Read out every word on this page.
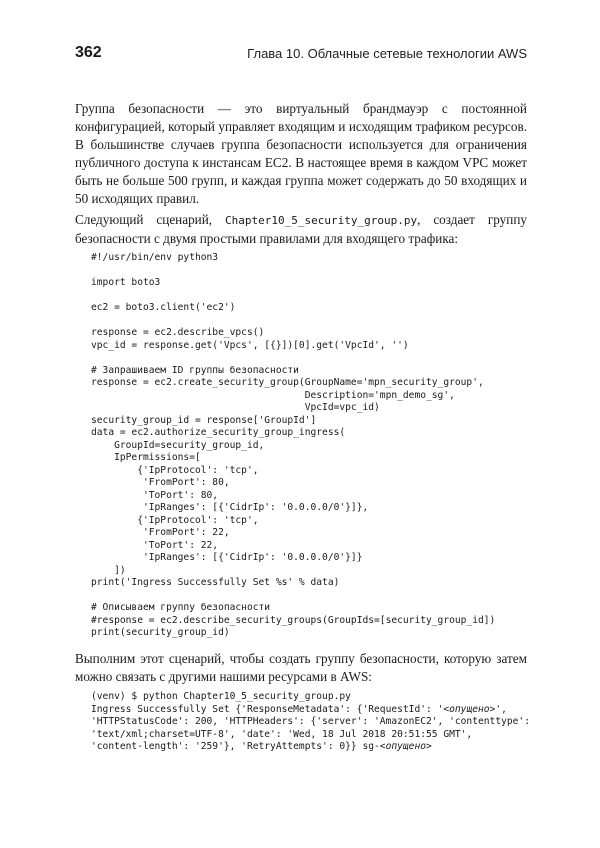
362	Глава 10. Облачные сетевые технологии AWS

Группа безопасности — это виртуальный брандмауэр с постоянной конфигурацией, который управляет входящим и исходящим трафиком ресурсов. В большинстве случаев группа безопасности используется для ограничения публичного доступа к инстансам EC2. В настоящее время в каждом VPC может быть не больше 500 групп, и каждая группа может содержать до 50 входящих и 50 исходящих правил.

Следующий сценарий, Chapter10_5_security_group.py, создает группу безопасности с двумя простыми правилами для входящего трафика:

#!/usr/bin/env python3

import boto3

ec2 = boto3.client('ec2')

response = ec2.describe_vpcs()
vpc_id = response.get('Vpcs', [{}])[0].get('VpcId', '')

# Запрашиваем ID группы безопасности
response = ec2.create_security_group(GroupName='mpn_security_group',
Description='mpn_demo_sg',
VpcId=vpc_id)
security_group_id = response['GroupId']
data = ec2.authorize_security_group_ingress(
GroupId=security_group_id,
IpPermissions=[
{'IpProtocol': 'tcp',
'FromPort': 80,
'ToPort': 80,
'IpRanges': [{'CidrIp': '0.0.0.0/0'}]},
{'IpProtocol': 'tcp',
'FromPort': 22,
'ToPort': 22,
'IpRanges': [{'CidrIp': '0.0.0.0/0'}]}
])
print('Ingress Successfully Set %s' % data)

# Описываем группу безопасности
#response = ec2.describe_security_groups(GroupIds=[security_group_id])
print(security_group_id)

Выполним этот сценарий, чтобы создать группу безопасности, которую затем можно связать с другими нашими ресурсами в AWS:

(venv) $ python Chapter10_5_security_group.py
Ingress Successfully Set {'ResponseMetadata': {'RequestId': '<опущено>',
'HTTPStatusCode': 200, 'HTTPHeaders': {'server': 'AmazonEC2', 'contenttype':
'text/xml;charset=UTF-8', 'date': 'Wed, 18 Jul 2018 20:51:55 GMT',
'content-length': '259'}, 'RetryAttempts': 0}} sg-<опущено>
